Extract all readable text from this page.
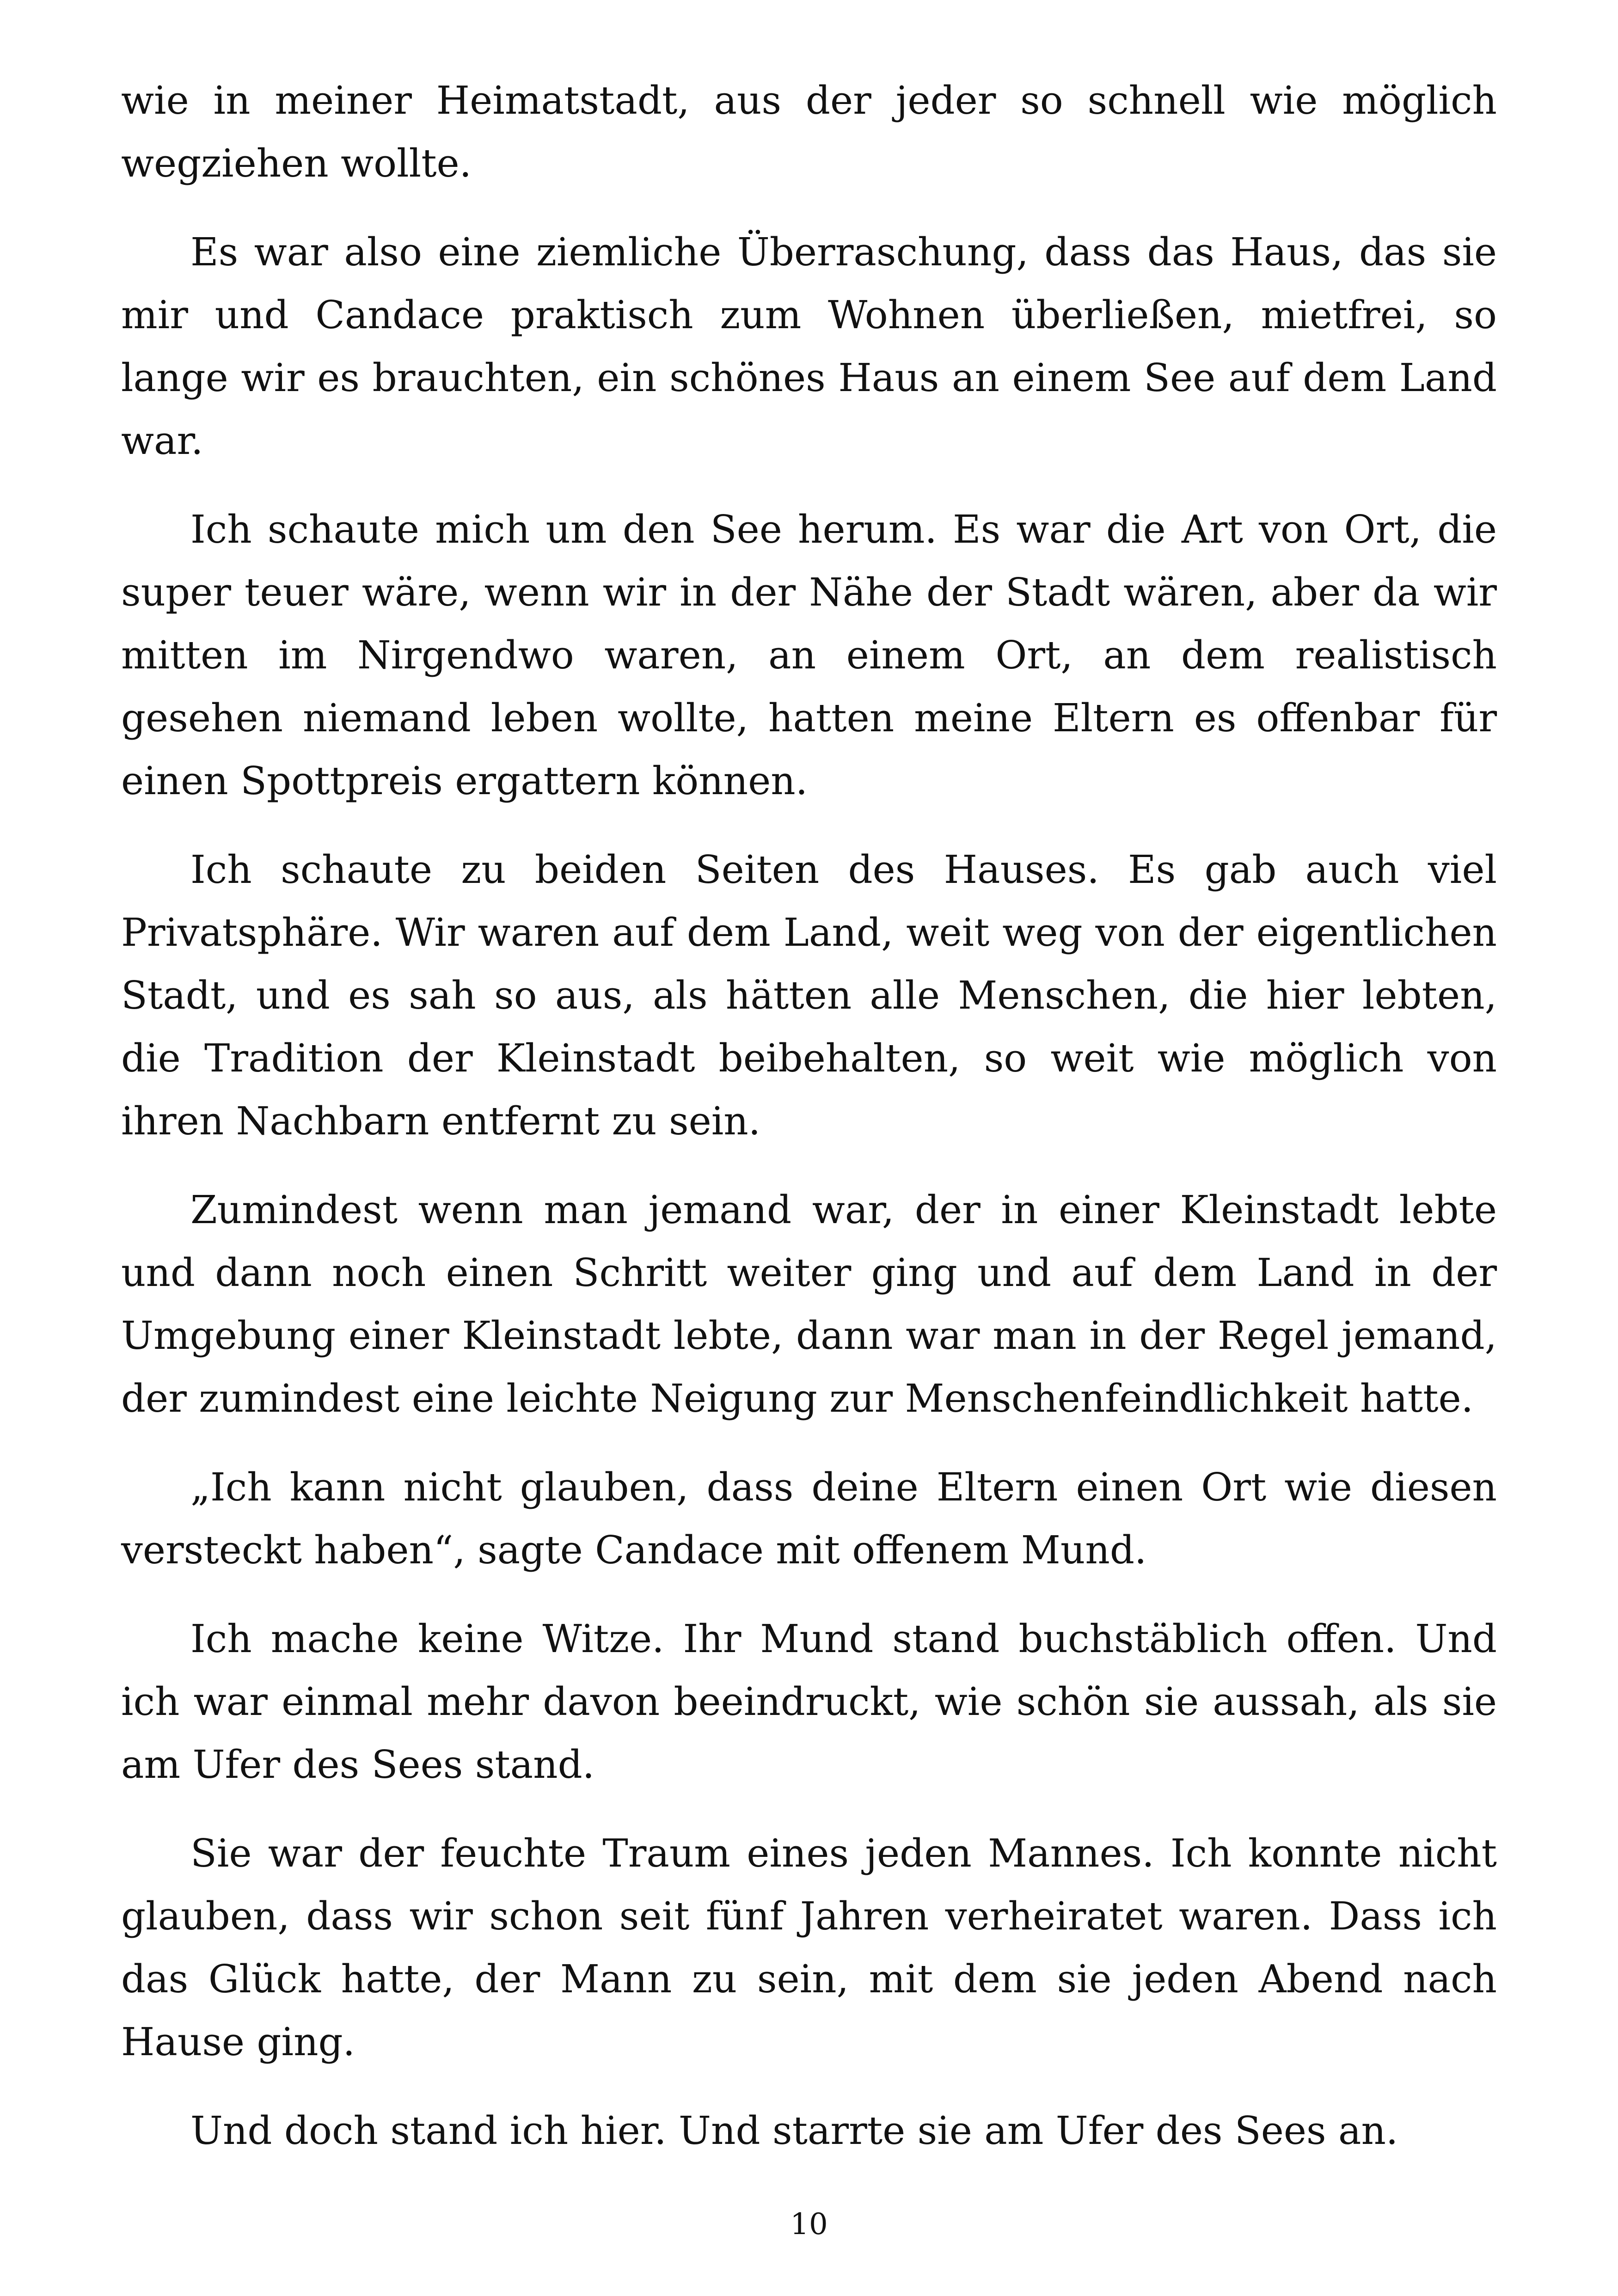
wie in meiner Heimatstadt, aus der jeder so schnell wie möglich wegziehen wollte.

Es war also eine ziemliche Überraschung, dass das Haus, das sie mir und Candace praktisch zum Wohnen überließen, mietfrei, so lange wir es brauchten, ein schönes Haus an einem See auf dem Land war.

Ich schaute mich um den See herum. Es war die Art von Ort, die super teuer wäre, wenn wir in der Nähe der Stadt wären, aber da wir mitten im Nirgendwo waren, an einem Ort, an dem realistisch gesehen niemand leben wollte, hatten meine Eltern es offenbar für einen Spottpreis ergattern können.

Ich schaute zu beiden Seiten des Hauses. Es gab auch viel Privatsphäre. Wir waren auf dem Land, weit weg von der eigentlichen Stadt, und es sah so aus, als hätten alle Menschen, die hier lebten, die Tradition der Kleinstadt beibehalten, so weit wie möglich von ihren Nachbarn entfernt zu sein.

Zumindest wenn man jemand war, der in einer Kleinstadt lebte und dann noch einen Schritt weiter ging und auf dem Land in der Umgebung einer Kleinstadt lebte, dann war man in der Regel jemand, der zumindest eine leichte Neigung zur Menschenfeindlichkeit hatte.

„Ich kann nicht glauben, dass deine Eltern einen Ort wie diesen versteckt haben“, sagte Candace mit offenem Mund.

Ich mache keine Witze. Ihr Mund stand buchstäblich offen. Und ich war einmal mehr davon beeindruckt, wie schön sie aussah, als sie am Ufer des Sees stand.

Sie war der feuchte Traum eines jeden Mannes. Ich konnte nicht glauben, dass wir schon seit fünf Jahren verheiratet waren. Dass ich das Glück hatte, der Mann zu sein, mit dem sie jeden Abend nach Hause ging.

Und doch stand ich hier. Und starrte sie am Ufer des Sees an.

10
